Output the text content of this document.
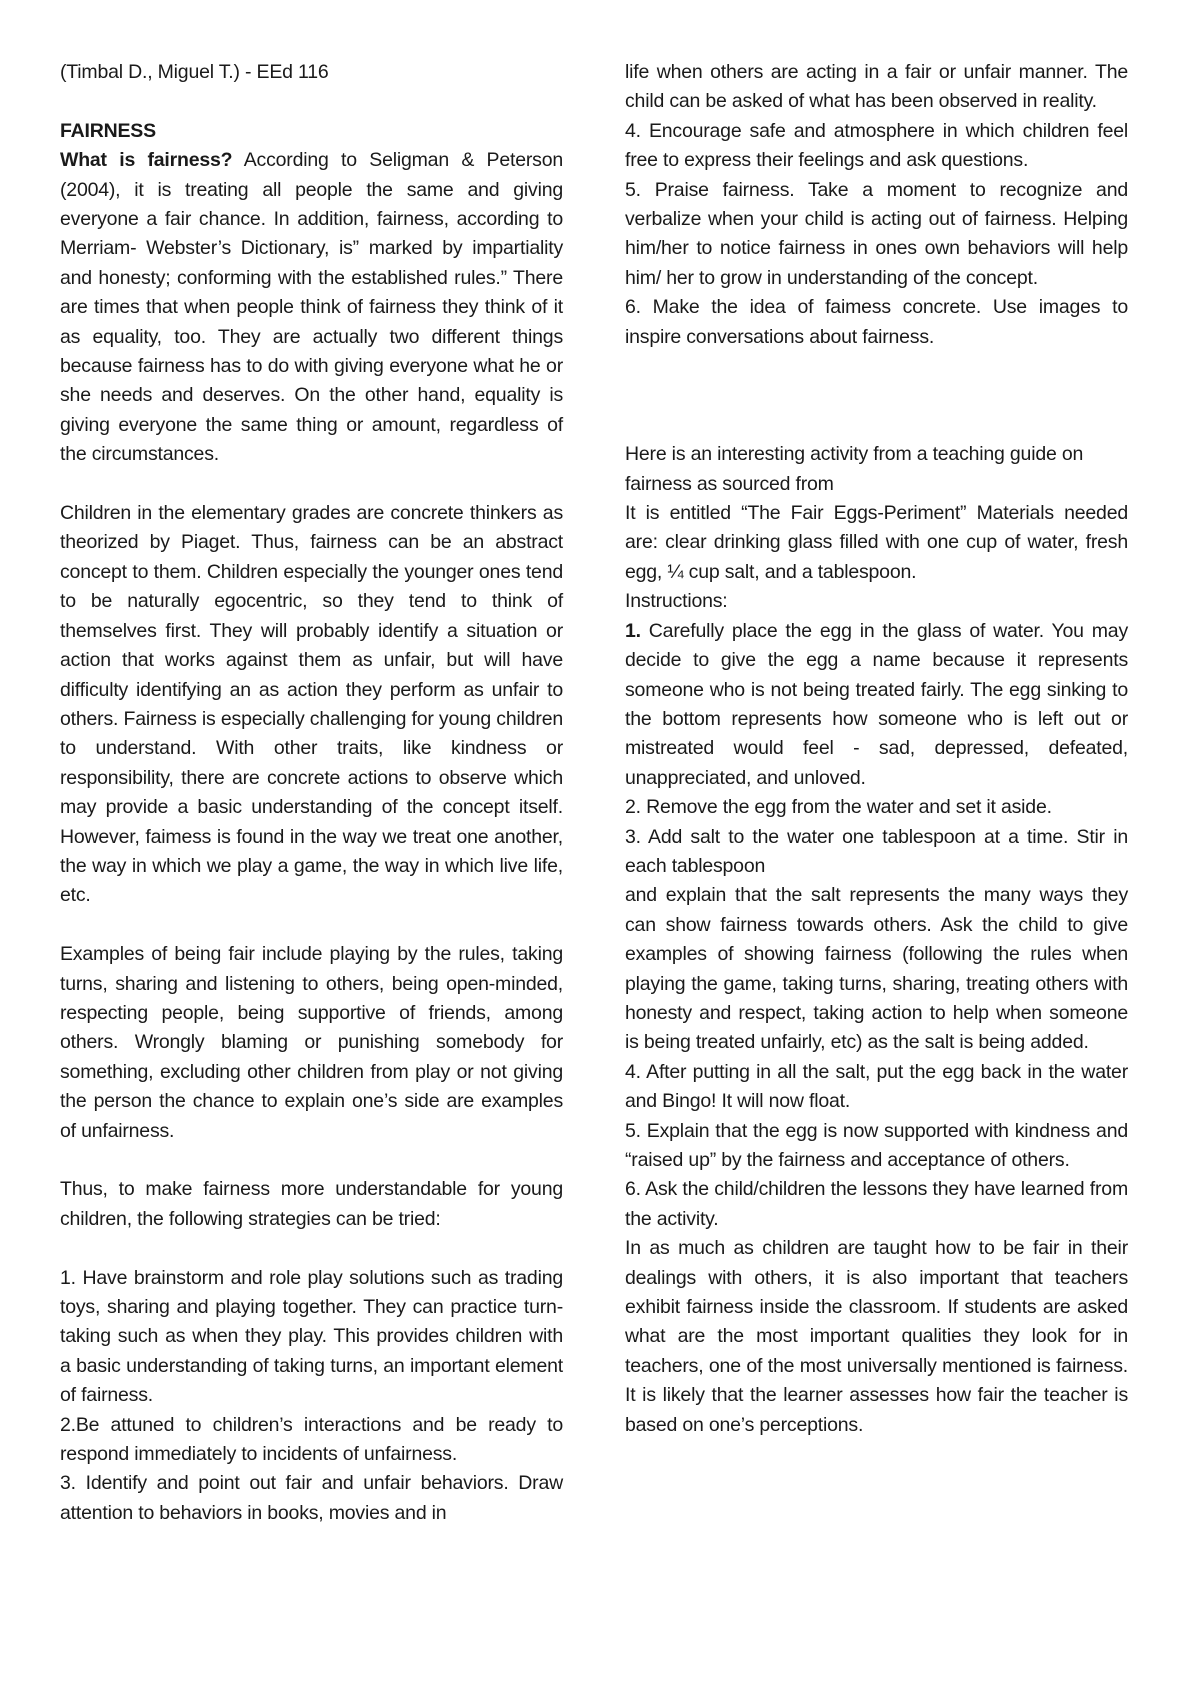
(Timbal D., Miguel T.) - EEd 116

FAIRNESS

What is fairness? According to Seligman & Peterson (2004), it is treating all people the same and giving everyone a fair chance. In addition, fairness, according to Merriam- Webster’s Dictionary, is” marked by impartiality and honesty; conforming with the established rules.” There are times that when people think of fairness they think of it as equality, too. They are actually two different things because fairness has to do with giving everyone what he or she needs and deserves. On the other hand, equality is giving everyone the same thing or amount, regardless of the circumstances.

Children in the elementary grades are concrete thinkers as theorized by Piaget. Thus, fairness can be an abstract concept to them. Children especially the younger ones tend to be naturally egocentric, so they tend to think of themselves first. They will probably identify a situation or action that works against them as unfair, but will have difficulty identifying an as action they perform as unfair to others. Fairness is especially challenging for young children to understand. With other traits, like kindness or responsibility, there are concrete actions to observe which may provide a basic understanding of the concept itself. However, faimess is found in the way we treat one another, the way in which we play a game, the way in which live life, etc.

Examples of being fair include playing by the rules, taking turns, sharing and listening to others, being open-minded, respecting people, being supportive of friends, among others. Wrongly blaming or punishing somebody for something, excluding other children from play or not giving the person the chance to explain one’s side are examples of unfairness.

Thus, to make fairness more understandable for young children, the following strategies can be tried:

1. Have brainstorm and role play solutions such as trading toys, sharing and playing together. They can practice turn-taking such as when they play. This provides children with a basic understanding of taking turns, an important element of fairness.

2.Be attuned to children’s interactions and be ready to respond immediately to incidents of unfairness.

3. Identify and point out fair and unfair behaviors. Draw attention to behaviors in books, movies and in

life when others are acting in a fair or unfair manner. The child can be asked of what has been observed in reality.

4. Encourage safe and atmosphere in which children feel free to express their feelings and ask questions.

5. Praise fairness. Take a moment to recognize and verbalize when your child is acting out of fairness. Helping him/her to notice fairness in ones own behaviors will help him/ her to grow in understanding of the concept.

6. Make the idea of faimess concrete. Use images to inspire conversations about fairness.

Here is an interesting activity from a teaching guide on fairness as sourced from

It is entitled “The Fair Eggs-Periment” Materials needed are: clear drinking glass filled with one cup of water, fresh egg, ¼ cup salt, and a tablespoon.

Instructions:

1. Carefully place the egg in the glass of water. You may decide to give the egg a name because it represents someone who is not being treated fairly. The egg sinking to the bottom represents how someone who is left out or mistreated would feel - sad, depressed, defeated, unappreciated, and unloved.

2. Remove the egg from the water and set it aside.

3. Add salt to the water one tablespoon at a time. Stir in each tablespoon

and explain that the salt represents the many ways they can show fairness towards others. Ask the child to give examples of showing fairness (following the rules when playing the game, taking turns, sharing, treating others with honesty and respect, taking action to help when someone is being treated unfairly, etc) as the salt is being added.

4. After putting in all the salt, put the egg back in the water and Bingo! It will now float.

5. Explain that the egg is now supported with kindness and “raised up” by the fairness and acceptance of others.

6. Ask the child/children the lessons they have learned from the activity.

In as much as children are taught how to be fair in their dealings with others, it is also important that teachers exhibit fairness inside the classroom. If students are asked what are the most important qualities they look for in teachers, one of the most universally mentioned is fairness. It is likely that the learner assesses how fair the teacher is based on one’s perceptions.
